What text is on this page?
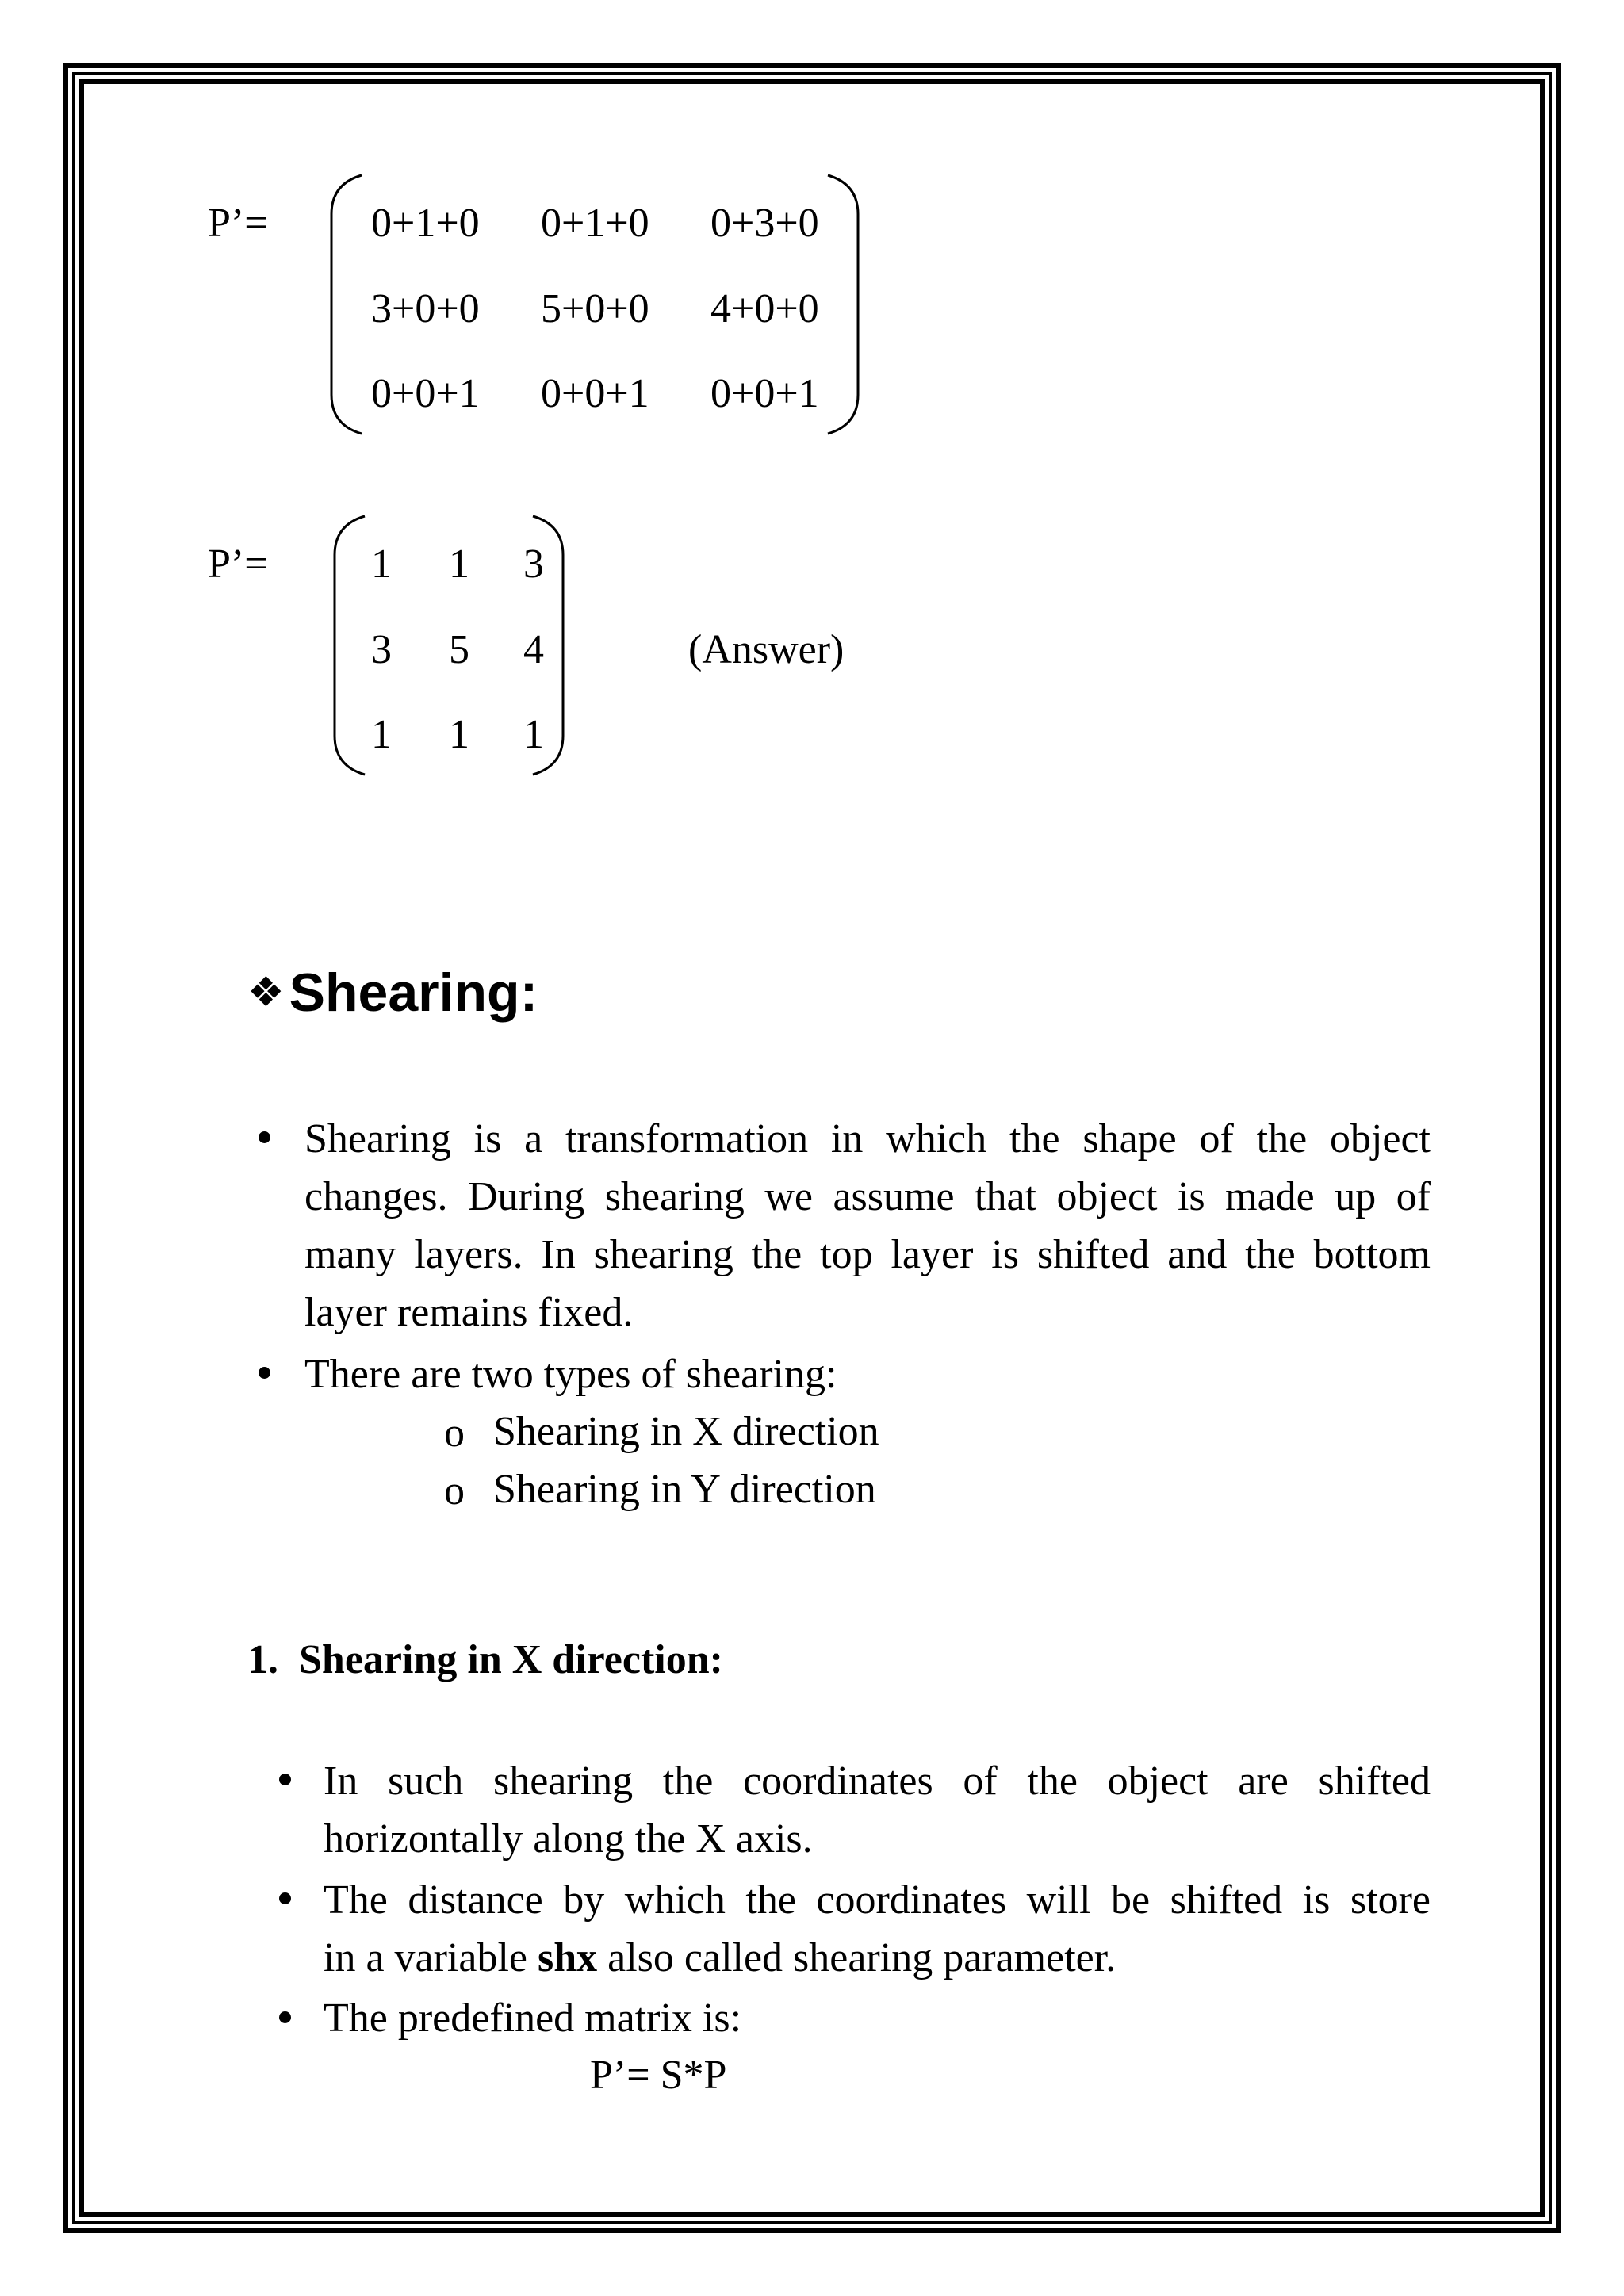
P’=	0+1+0 0+1+0 0+3+0
3+0+0 5+0+0 4+0+0
0+0+1 0+0+1 0+0+1
P’=	1 1 3
3 5 4
1 1 1
(Answer)
❖Shearing:
Shearing is a transformation in which the shape of the object
changes. During shearing we assume that object is made up of
many layers. In shearing the top layer is shifted and the bottom
layer remains fixed.
There are two types of shearing:
o Shearing in X direction
o Shearing in Y direction
1.  Shearing in X direction:
In such shearing the coordinates of the object are shifted
horizontally along the X axis.
The distance by which the coordinates will be shifted is store
in a variable shx also called shearing parameter.
The predefined matrix is:
P’= S*P
